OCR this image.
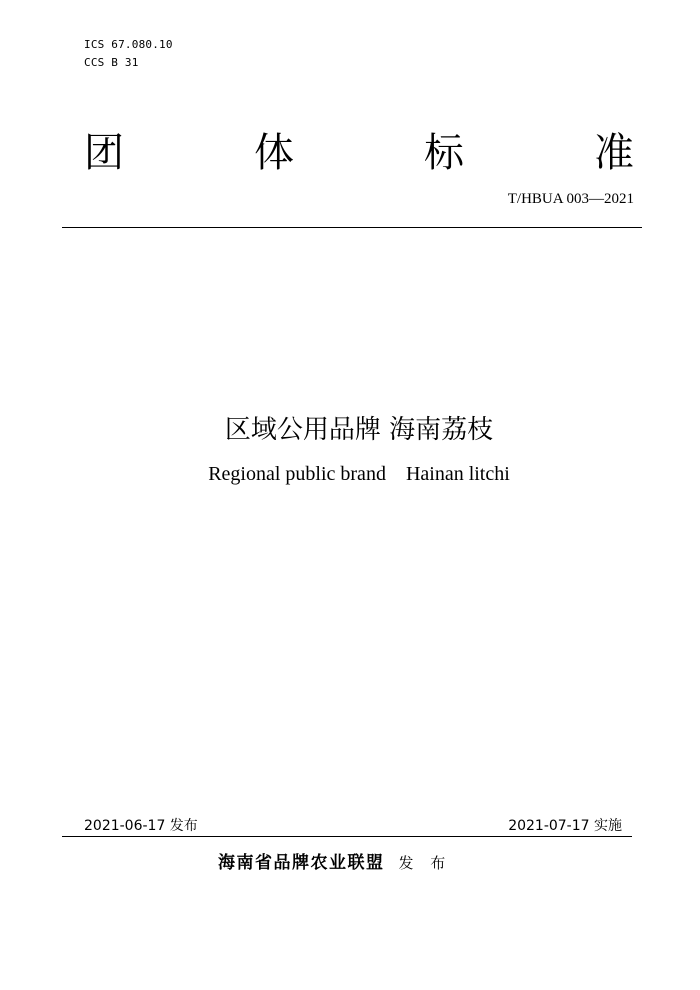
ICS 67.080.10
CCS B 31
团	体	标	准
T/HBUA 003—2021
区域公用品牌 海南荔枝
Regional public brand    Hainan litchi
2021-06-17 发布	2021-07-17 实施
海南省品牌农业联盟 发 布
